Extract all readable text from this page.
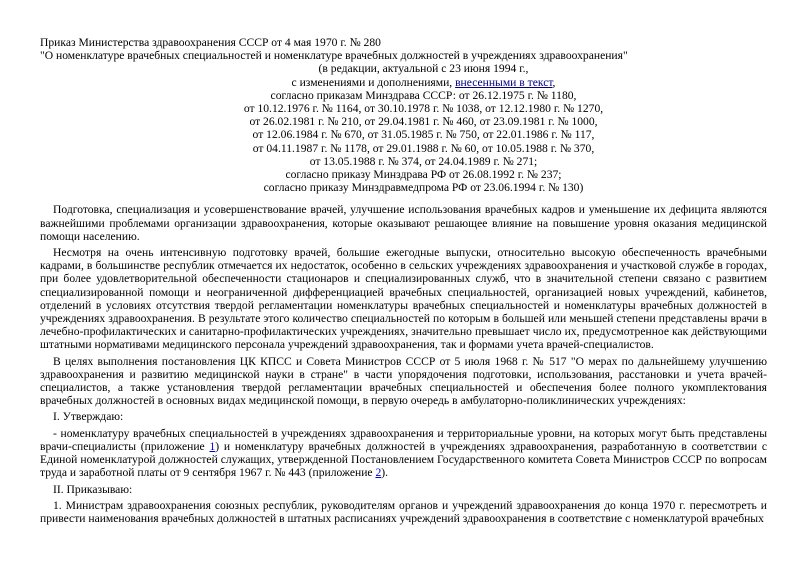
Приказ Министерства здравоохранения СССР от 4 мая 1970 г. № 280

"О номенклатуре врачебных специальностей и номенклатуре врачебных должностей в учреждениях здравоохранения"

(в редакции, актуальной с 23 июня 1994 г.,

с изменениями и дополнениями, внесенными в текст,

согласно приказам Минздрава СССР: от 26.12.1975 г. № 1180,

от 10.12.1976 г. № 1164, от 30.10.1978 г. № 1038, от 12.12.1980 г. № 1270,

от 26.02.1981 г. № 210, от 29.04.1981 г. № 460, от 23.09.1981 г. № 1000,

от 12.06.1984 г. № 670, от 31.05.1985 г. № 750, от 22.01.1986 г. № 117,

от 04.11.1987 г. № 1178, от 29.01.1988 г. № 60, от 10.05.1988 г. № 370,

от 13.05.1988 г. № 374, от 24.04.1989 г. № 271;

согласно приказу Минздрава РФ от 26.08.1992 г. № 237;

согласно приказу Минздравмедпрома РФ от 23.06.1994 г. № 130)

Подготовка, специализация и усовершенствование врачей, улучшение использования врачебных кадров и уменьшение их дефицита являются важнейшими проблемами организации здравоохранения, которые оказывают решающее влияние на повышение уровня оказания медицинской помощи населению.

Несмотря на очень интенсивную подготовку врачей, большие ежегодные выпуски, относительно высокую обеспеченность врачебными кадрами, в большинстве республик отмечается их недостаток, особенно в сельских учреждениях здравоохранения и участковой службе в городах, при более удовлетворительной обеспеченности стационаров и специализированных служб, что в значительной степени связано с развитием специализированной помощи и неограниченной дифференциацией врачебных специальностей, организацией новых учреждений, кабинетов, отделений в условиях отсутствия твердой регламентации номенклатуры врачебных специальностей и номенклатуры врачебных должностей в учреждениях здравоохранения. В результате этого количество специальностей по которым в большей или меньшей степени представлены врачи в лечебно-профилактических и санитарно-профилактических учреждениях, значительно превышает число их, предусмотренное как действующими штатными нормативами медицинского персонала учреждений здравоохранения, так и формами учета врачей-специалистов.

В целях выполнения постановления ЦК КПСС и Совета Министров СССР от 5 июля 1968 г. № 517 "О мерах по дальнейшему улучшению здравоохранения и развитию медицинской науки в стране" в части упорядочения подготовки, использования, расстановки и учета врачей-специалистов, а также установления твердой регламентации врачебных специальностей и обеспечения более полного укомплектования врачебных должностей в основных видах медицинской помощи, в первую очередь в амбулаторно-поликлинических учреждениях:

I. Утверждаю:

- номенклатуру врачебных специальностей в учреждениях здравоохранения и территориальные уровни, на которых могут быть представлены врачи-специалисты (приложение 1) и номенклатуру врачебных должностей в учреждениях здравоохранения, разработанную в соответствии с Единой номенклатурой должностей служащих, утвержденной Постановлением Государственного комитета Совета Министров СССР по вопросам труда и заработной платы от 9 сентября 1967 г. № 443 (приложение 2).

II. Приказываю:

1. Министрам здравоохранения союзных республик, руководителям органов и учреждений здравоохранения до конца 1970 г. пересмотреть и привести наименования врачебных должностей в штатных расписаниях учреждений здравоохранения в соответствие с номенклатурой врачебных
